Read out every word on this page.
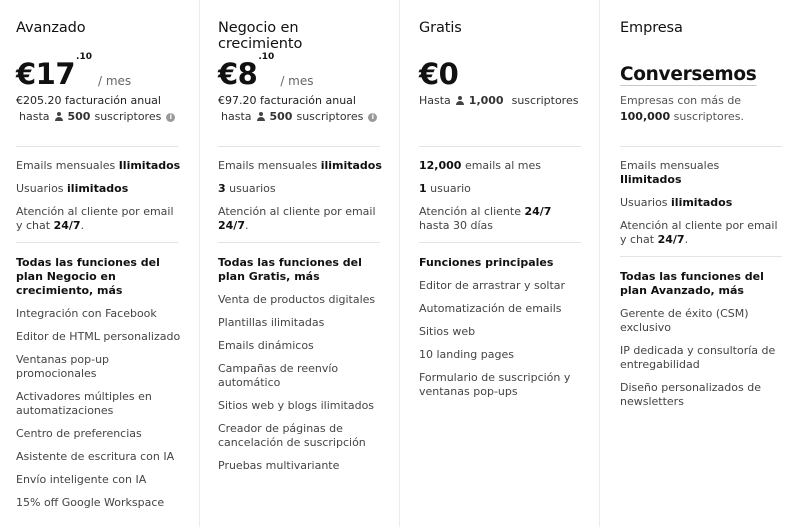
Avanzado
€17 .10
/ mes
€205.20 facturación anual
hasta 500 suscriptores	i
Emails mensuales Ilimitados
Usuarios ilimitados
Atención al cliente por email y chat 24/7.
Todas las funciones del plan Negocio en crecimiento, más
Integración con Facebook
Editor de HTML personalizado
Ventanas pop-up promocionales
Activadores múltiples en automatizaciones
Centro de preferencias
Asistente de escritura con IA
Envío inteligente con IA
15% off Google Workspace
Negocio en crecimiento
€8 .10
/ mes
€97.20 facturación anual
hasta 500 suscriptores	i
Emails mensuales ilimitados
3 usuarios
Atención al cliente por email 24/7.
Todas las funciones del plan Gratis, más
Venta de productos digitales
Plantillas ilimitadas
Emails dinámicos
Campañas de reenvío automático
Sitios web y blogs ilimitados
Creador de páginas de cancelación de suscripción
Pruebas multivariante
Gratis
€0
Hasta 1,000 suscriptores
12,000 emails al mes
1 usuario
Atención al cliente 24/7 hasta 30 días
Funciones principales
Editor de arrastrar y soltar
Automatización de emails
Sitios web
10 landing pages
Formulario de suscripción y ventanas pop-ups
Empresa
Conversemos
Empresas con más de 100,000 suscriptores.
Emails mensuales Ilimitados
Usuarios ilimitados
Atención al cliente por email y chat 24/7.
Todas las funciones del plan Avanzado, más
Gerente de éxito (CSM) exclusivo
IP dedicada y consultoría de entregabilidad
Diseño personalizados de newsletters
